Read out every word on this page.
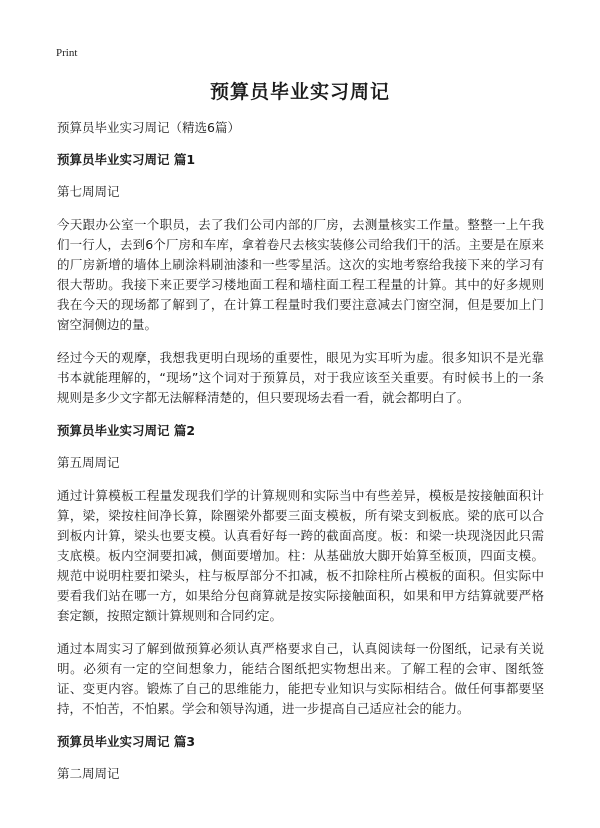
Print
预算员毕业实习周记

预算员毕业实习周记（精选6篇）

预算员毕业实习周记 篇1

第七周周记

今天跟办公室一个职员，去了我们公司内部的厂房，去测量核实工作量。整整一上午我们一行人，去到6个厂房和车库，拿着卷尺去核实装修公司给我们干的活。主要是在原来的厂房新增的墙体上刷涂料刷油漆和一些零星活。这次的实地考察给我接下来的学习有很大帮助。我接下来正要学习楼地面工程和墙柱面工程工程量的计算。其中的好多规则我在今天的现场都了解到了，在计算工程量时我们要注意减去门窗空洞，但是要加上门窗空洞侧边的量。

经过今天的观摩，我想我更明白现场的重要性，眼见为实耳听为虚。很多知识不是光靠书本就能理解的，“现场”这个词对于预算员，对于我应该至关重要。有时候书上的一条规则是多少文字都无法解释清楚的，但只要现场去看一看，就会都明白了。

预算员毕业实习周记 篇2

第五周周记

通过计算模板工程量发现我们学的计算规则和实际当中有些差异，模板是按接触面积计算，梁，梁按柱间净长算，除圈梁外都要三面支模板，所有梁支到板底。梁的底可以合到板内计算，梁头也要支模。认真看好每一跨的截面高度。板：和梁一块现浇因此只需支底模。板内空洞要扣减，侧面要增加。柱：从基础放大脚开始算至板顶，四面支模。规范中说明柱要扣梁头，柱与板厚部分不扣减，板不扣除柱所占模板的面积。但实际中要看我们站在哪一方，如果给分包商算就是按实际接触面积，如果和甲方结算就要严格套定额，按照定额计算规则和合同约定。

通过本周实习了解到做预算必须认真严格要求自己，认真阅读每一份图纸，记录有关说明。必须有一定的空间想象力，能结合图纸把实物想出来。了解工程的会审、图纸签证、变更内容。锻炼了自己的思维能力，能把专业知识与实际相结合。做任何事都要坚持，不怕苦，不怕累。学会和领导沟通，进一步提高自己适应社会的能力。

预算员毕业实习周记 篇3

第二周周记
